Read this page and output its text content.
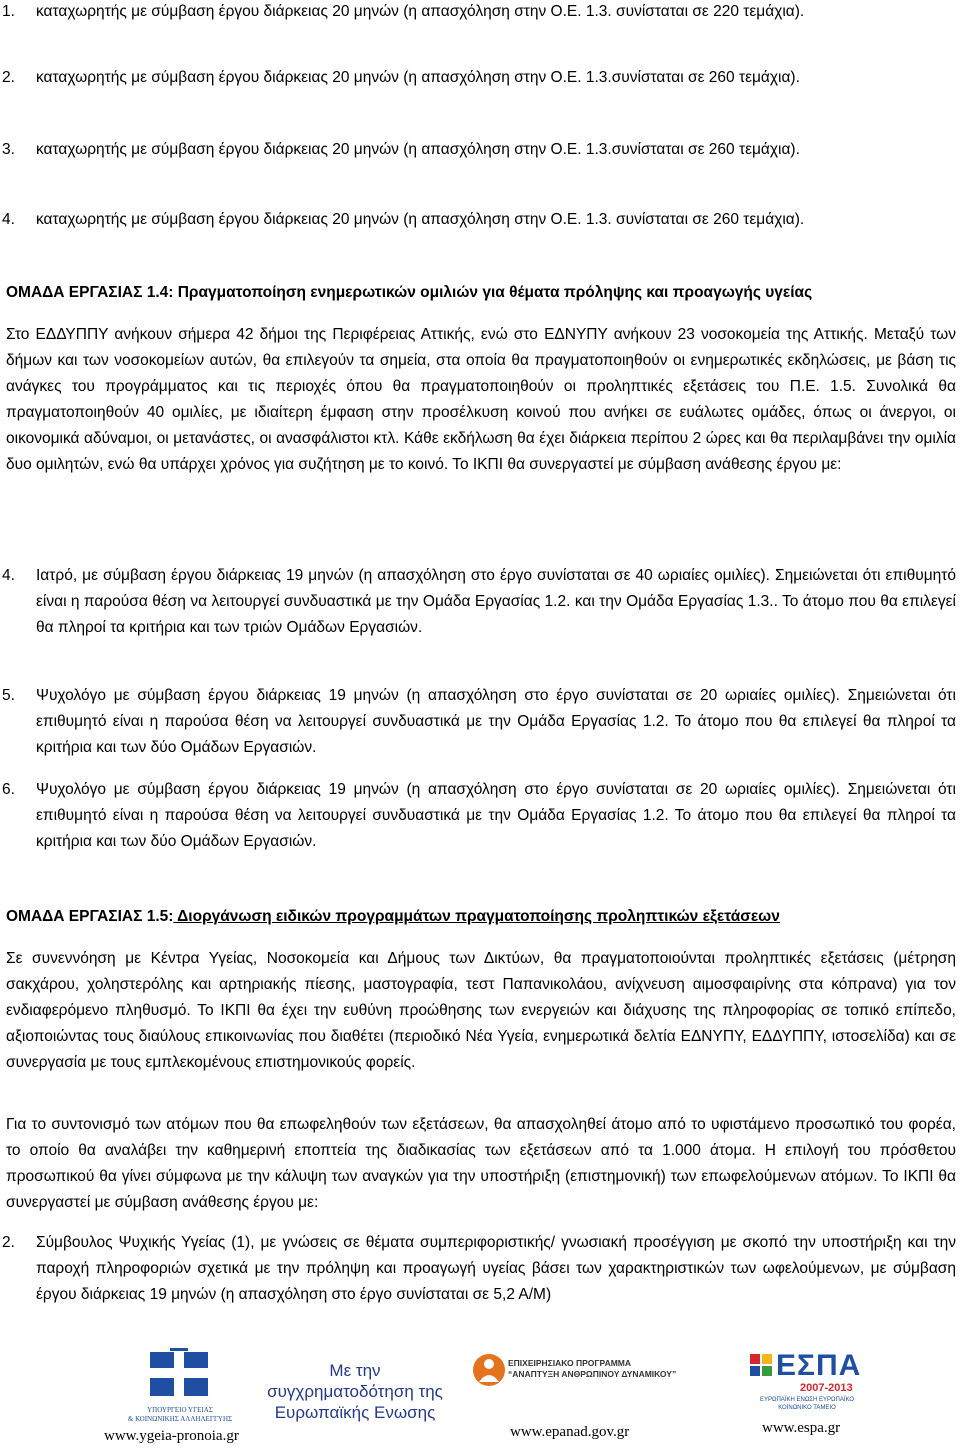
1.	καταχωρητής με σύμβαση έργου διάρκειας 20 μηνών (η απασχόληση στην Ο.Ε. 1.3. συνίσταται σε 220 τεμάχια).
2.	καταχωρητής με σύμβαση έργου διάρκειας 20 μηνών (η απασχόληση στην Ο.Ε. 1.3.συνίσταται σε 260 τεμάχια).
3.	καταχωρητής με σύμβαση έργου διάρκειας 20 μηνών (η απασχόληση στην Ο.Ε. 1.3.συνίσταται σε 260 τεμάχια).
4.	καταχωρητής με σύμβαση έργου διάρκειας 20 μηνών (η απασχόληση στην Ο.Ε. 1.3. συνίσταται σε 260 τεμάχια).
ΟΜΑΔΑ ΕΡΓΑΣΙΑΣ 1.4: Πραγματοποίηση ενημερωτικών ομιλιών για θέματα πρόληψης και προαγωγής υγείας
Στο ΕΔΔΥΠΠΥ ανήκουν σήμερα 42 δήμοι της Περιφέρειας Αττικής, ενώ στο ΕΔΝΥΠΥ ανήκουν 23 νοσοκομεία της Αττικής. Μεταξύ των δήμων και των νοσοκομείων αυτών, θα επιλεγούν τα σημεία, στα οποία θα πραγματοποιηθούν οι ενημερωτικές εκδηλώσεις, με βάση τις ανάγκες του προγράμματος και τις περιοχές όπου θα πραγματοποιηθούν οι προληπτικές εξετάσεις του Π.Ε. 1.5. Συνολικά θα πραγματοποιηθούν 40 ομιλίες, με ιδιαίτερη έμφαση στην προσέλκυση κοινού που ανήκει σε ευάλωτες ομάδες, όπως οι άνεργοι, οι οικονομικά αδύναμοι, οι μετανάστες, οι ανασφάλιστοι κτλ. Κάθε εκδήλωση θα έχει διάρκεια περίπου 2 ώρες και θα περιλαμβάνει την ομιλία δυο ομιλητών, ενώ θα υπάρχει χρόνος για συζήτηση με το κοινό. Το ΙΚΠΙ θα συνεργαστεί με σύμβαση ανάθεσης έργου με:
4.	Ιατρό, με σύμβαση έργου διάρκειας 19 μηνών (η απασχόληση στο έργο συνίσταται σε 40 ωριαίες ομιλίες). Σημειώνεται ότι επιθυμητό είναι η παρούσα θέση να λειτουργεί συνδυαστικά με την Ομάδα Εργασίας 1.2. και την Ομάδα Εργασίας 1.3.. Το άτομο που θα επιλεγεί θα πληροί τα κριτήρια και των τριών Ομάδων Εργασιών.
5.	Ψυχολόγο με σύμβαση έργου διάρκειας 19 μηνών (η απασχόληση στο έργο συνίσταται σε 20 ωριαίες ομιλίες). Σημειώνεται ότι επιθυμητό είναι η παρούσα θέση να λειτουργεί συνδυαστικά με την Ομάδα Εργασίας 1.2. Το άτομο που θα επιλεγεί θα πληροί τα κριτήρια και των δύο Ομάδων Εργασιών.
6.	Ψυχολόγο με σύμβαση έργου διάρκειας 19 μηνών (η απασχόληση στο έργο συνίσταται σε 20 ωριαίες ομιλίες). Σημειώνεται ότι επιθυμητό είναι η παρούσα θέση να λειτουργεί συνδυαστικά με την Ομάδα Εργασίας 1.2. Το άτομο που θα επιλεγεί θα πληροί τα κριτήρια και των δύο Ομάδων Εργασιών.
ΟΜΑΔΑ ΕΡΓΑΣΙΑΣ 1.5: Διοργάνωση ειδικών προγραμμάτων πραγματοποίησης προληπτικών εξετάσεων
Σε συνεννόηση με Κέντρα Υγείας, Νοσοκομεία και Δήμους των Δικτύων, θα πραγματοποιούνται προληπτικές εξετάσεις (μέτρηση σακχάρου, χοληστερόλης και αρτηριακής πίεσης, μαστογραφία, τεστ Παπανικολάου, ανίχνευση αιμοσφαιρίνης στα κόπρανα) για τον ενδιαφερόμενο πληθυσμό. Το ΙΚΠΙ θα έχει την ευθύνη προώθησης των ενεργειών και διάχυσης της πληροφορίας σε τοπικό επίπεδο, αξιοποιώντας τους διαύλους επικοινωνίας που διαθέτει (περιοδικό Νέα Υγεία, ενημερωτικά δελτία ΕΔΝΥΠΥ, ΕΔΔΥΠΠΥ, ιστοσελίδα) και σε συνεργασία με τους εμπλεκομένους επιστημονικούς φορείς.
Για το συντονισμό των ατόμων που θα επωφεληθούν των εξετάσεων, θα απασχοληθεί άτομο από το υφιστάμενο προσωπικό του φορέα, το οποίο θα αναλάβει την καθημερινή εποπτεία της διαδικασίας των εξετάσεων από τα 1.000 άτομα. Η επιλογή του πρόσθετου προσωπικού θα γίνει σύμφωνα με την κάλυψη των αναγκών για την υποστήριξη (επιστημονική) των επωφελούμενων ατόμων. Το ΙΚΠΙ θα συνεργαστεί με σύμβαση ανάθεσης έργου με:
2.	Σύμβουλος Ψυχικής Υγείας (1), με γνώσεις σε θέματα συμπεριφοριστικής/ γνωσιακή προσέγγιση με σκοπό την υποστήριξη και την παροχή πληροφοριών σχετικά με την πρόληψη και προαγωγή υγείας βάσει των χαρακτηριστικών των ωφελούμενων, με σύμβαση έργου διάρκειας 19 μηνών (η απασχόληση στο έργο συνίσταται σε 5,2 Α/Μ)
ΥΠΟΥΡΓΕΙΟ ΥΓΕΙΑΣ
& ΚΟΙΝΩΝΙΚΗΣ ΑΛΛΗΛΕΓΓΥΗΣ
www.ygeia-pronoia.gr
Με την συγχρηματοδότηση της Ευρωπαϊκής Ενωσης
ΕΠΙΧΕΙΡΗΣΙΑΚΟ ΠΡΟΓΡΑΜΜΑ
“ΑΝΑΠΤΥΞΗ ΑΝΘΡΩΠΙΝΟΥ ΔΥΝΑΜΙΚΟΥ”
www.epanad.gov.gr
ΕΣΠΑ
2007-2013
ΕΥΡΩΠΑΪΚΗ ΕΝΩΣΗ ΕΥΡΩΠΑΪΚΟ ΚΟΙΝΩΝΙΚΟ ΤΑΜΕΙΟ
www.espa.gr
